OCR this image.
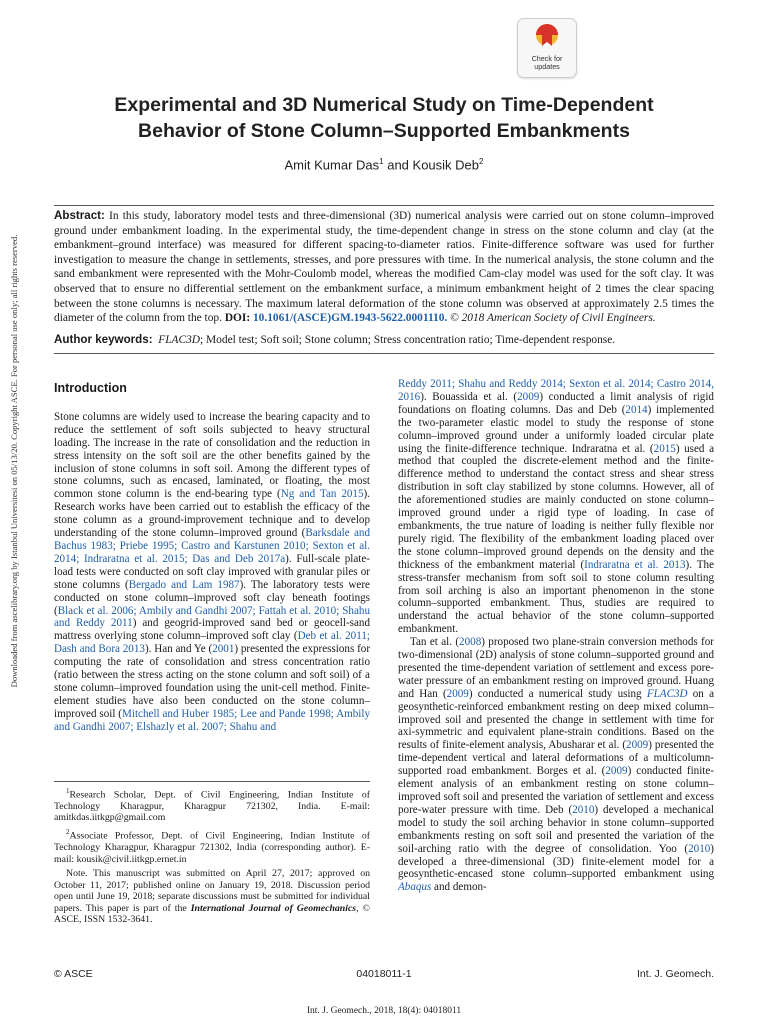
Downloaded from ascelibrary.org by Istanbul Universitesi on 05/13/20. Copyright ASCE. For personal use only; all rights reserved.
Check for
updates
Experimental and 3D Numerical Study on Time-Dependent
Behavior of Stone Column–Supported Embankments
Amit Kumar Das$^1$ and Kousik Deb$^2$
Abstract: In this study, laboratory model tests and three-dimensional (3D) numerical analysis were carried out on stone column–improved ground under embankment loading. In the experimental study, the time-dependent change in stress on the stone column and clay (at the embankment–ground interface) was measured for different spacing-to-diameter ratios. Finite-difference software was used for further investigation to measure the change in settlements, stresses, and pore pressures with time. In the numerical analysis, the stone column and the sand embankment were represented with the Mohr-Coulomb model, whereas the modified Cam-clay model was used for the soft clay. It was observed that to ensure no differential settlement on the embankment surface, a minimum embankment height of 2 times the clear spacing between the stone columns is necessary. The maximum lateral deformation of the stone column was observed at approximately 2.5 times the diameter of the column from the top. DOI: 10.1061/(ASCE)GM.1943-5622.0001110. © 2018 American Society of Civil Engineers.
Author keywords: FLAC3D; Model test; Soft soil; Stone column; Stress concentration ratio; Time-dependent response.
Introduction

Stone columns are widely used to increase the bearing capacity and to reduce the settlement of soft soils subjected to heavy structural loading. The increase in the rate of consolidation and the reduction in stress intensity on the soft soil are the other benefits gained by the inclusion of stone columns in soft soil. Among the different types of stone columns, such as encased, laminated, or floating, the most common stone column is the end-bearing type (Ng and Tan 2015). Research works have been carried out to establish the efficacy of the stone column as a ground-improvement technique and to develop understanding of the stone column–improved ground (Barksdale and Bachus 1983; Priebe 1995; Castro and Karstunen 2010; Sexton et al. 2014; Indraratna et al. 2015; Das and Deb 2017a). Full-scale plate-load tests were conducted on soft clay improved with granular piles or stone columns (Bergado and Lam 1987). The laboratory tests were conducted on stone column–improved soft clay beneath footings (Black et al. 2006; Ambily and Gandhi 2007; Fattah et al. 2010; Shahu and Reddy 2011) and geogrid-improved sand bed or geocell-sand mattress overlying stone column–improved soft clay (Deb et al. 2011; Dash and Bora 2013). Han and Ye (2001) presented the expressions for computing the rate of consolidation and stress concentration ratio (ratio between the stress acting on the stone column and soft soil) of a stone column–improved foundation using the unit-cell method. Finite-element studies have also been conducted on the stone column–improved soil (Mitchell and Huber 1985; Lee and Pande 1998; Ambily and Gandhi 2007; Elshazly et al. 2007; Shahu and

$^1$Research Scholar, Dept. of Civil Engineering, Indian Institute of Technology Kharagpur, Kharagpur 721302, India. E-mail: amitkdas.iitkgp@gmail.com

$^2$Associate Professor, Dept. of Civil Engineering, Indian Institute of Technology Kharagpur, Kharagpur 721302, India (corresponding author). E-mail: kousik@civil.iitkgp.ernet.in

Note. This manuscript was submitted on April 27, 2017; approved on October 11, 2017; published online on January 19, 2018. Discussion period open until June 19, 2018; separate discussions must be submitted for individual papers. This paper is part of the International Journal of Geomechanics, © ASCE, ISSN 1532-3641.

Reddy 2011; Shahu and Reddy 2014; Sexton et al. 2014; Castro 2014, 2016). Bouassida et al. (2009) conducted a limit analysis of rigid foundations on floating columns. Das and Deb (2014) implemented the two-parameter elastic model to study the response of stone column–improved ground under a uniformly loaded circular plate using the finite-difference technique. Indraratna et al. (2015) used a method that coupled the discrete-element method and the finite-difference method to understand the contact stress and shear stress distribution in soft clay stabilized by stone columns. However, all of the aforementioned studies are mainly conducted on stone column–improved ground under a rigid type of loading. In case of embankments, the true nature of loading is neither fully flexible nor purely rigid. The flexibility of the embankment loading placed over the stone column–improved ground depends on the density and the thickness of the embankment material (Indraratna et al. 2013). The stress-transfer mechanism from soft soil to stone column resulting from soil arching is also an important phenomenon in the stone column–supported embankment. Thus, studies are required to understand the actual behavior of the stone column–supported embankment.

Tan et al. (2008) proposed two plane-strain conversion methods for two-dimensional (2D) analysis of stone column–supported ground and presented the time-dependent variation of settlement and excess pore-water pressure of an embankment resting on improved ground. Huang and Han (2009) conducted a numerical study using FLAC3D on a geosynthetic-reinforced embankment resting on deep mixed column–improved soil and presented the change in settlement with time for axi-symmetric and equivalent plane-strain conditions. Based on the results of finite-element analysis, Abusharar et al. (2009) presented the time-dependent vertical and lateral deformations of a multicolumn-supported road embankment. Borges et al. (2009) conducted finite-element analysis of an embankment resting on stone column–improved soft soil and presented the variation of settlement and excess pore-water pressure with time. Deb (2010) developed a mechanical model to study the soil arching behavior in stone column–supported embankments resting on soft soil and presented the variation of the soil-arching ratio with the degree of consolidation. Yoo (2010) developed a three-dimensional (3D) finite-element model for a geosynthetic-encased stone column–supported embankment using Abaqus and demon-

© ASCE	04018011-1	Int. J. Geomech.
Int. J. Geomech., 2018, 18(4): 04018011
